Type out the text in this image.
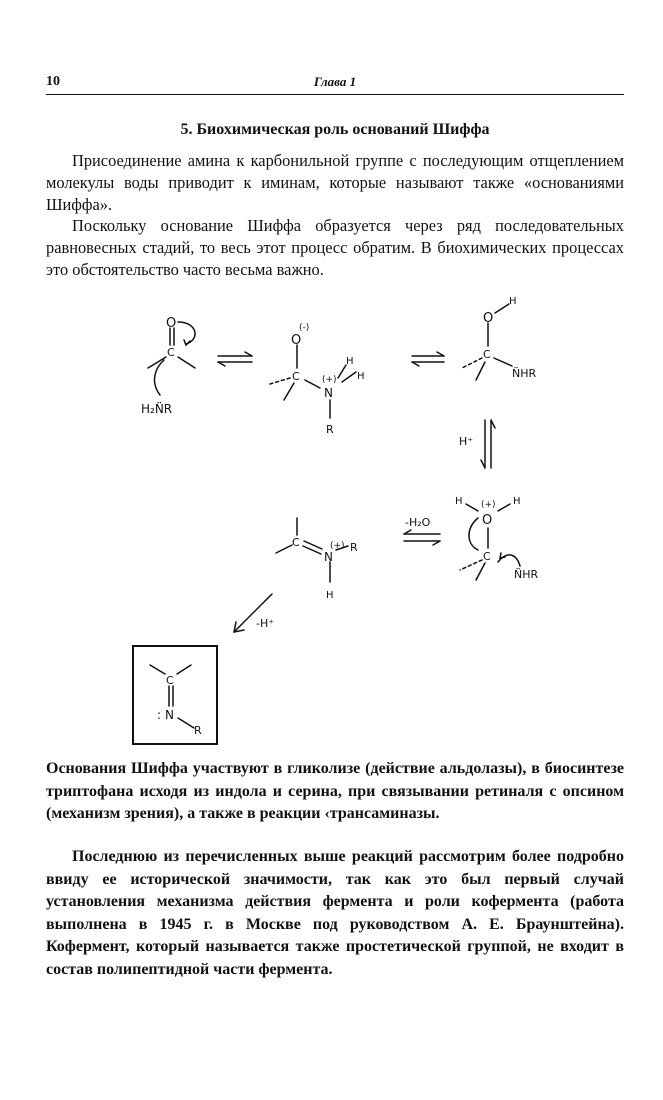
10	Глава 1
5. Биохимическая роль оснований Шиффа

Присоединение амина к карбонильной группе с последующим отщеплением молекулы воды приводит к иминам, которые называют также «основаниями Шиффа».

Поскольку основание Шиффа образуется через ряд последовательных равновесных стадий, то весь этот процесс обратим. В биохимических процессах это обстоятельство часто весьма важно.

O
C
H₂N̈R
(-)
O
C (+)
N
H
H
R
O
H
C
N̈HR
H⁺
H (+)
O
H
C
N̈HR
-H₂O
C
N
(+) R
H
-H⁺
C
: N
R

Основания Шиффа участвуют в гликолизе (действие альдолазы), в биосинтезе триптофана исходя из индола и серина, при связывании ретиналя с опсином (механизм зрения), а также в реакции ‹трансаминазы.

Последнюю из перечисленных выше реакций рассмотрим более подробно ввиду ее исторической значимости, так как это был первый случай установления механизма действия фермента и роли кофермента (работа выполнена в 1945 г. в Москве под руководством А. Е. Браунштейна). Кофермент, который называется также простетической группой, не входит в состав полипептидной части фермента.
